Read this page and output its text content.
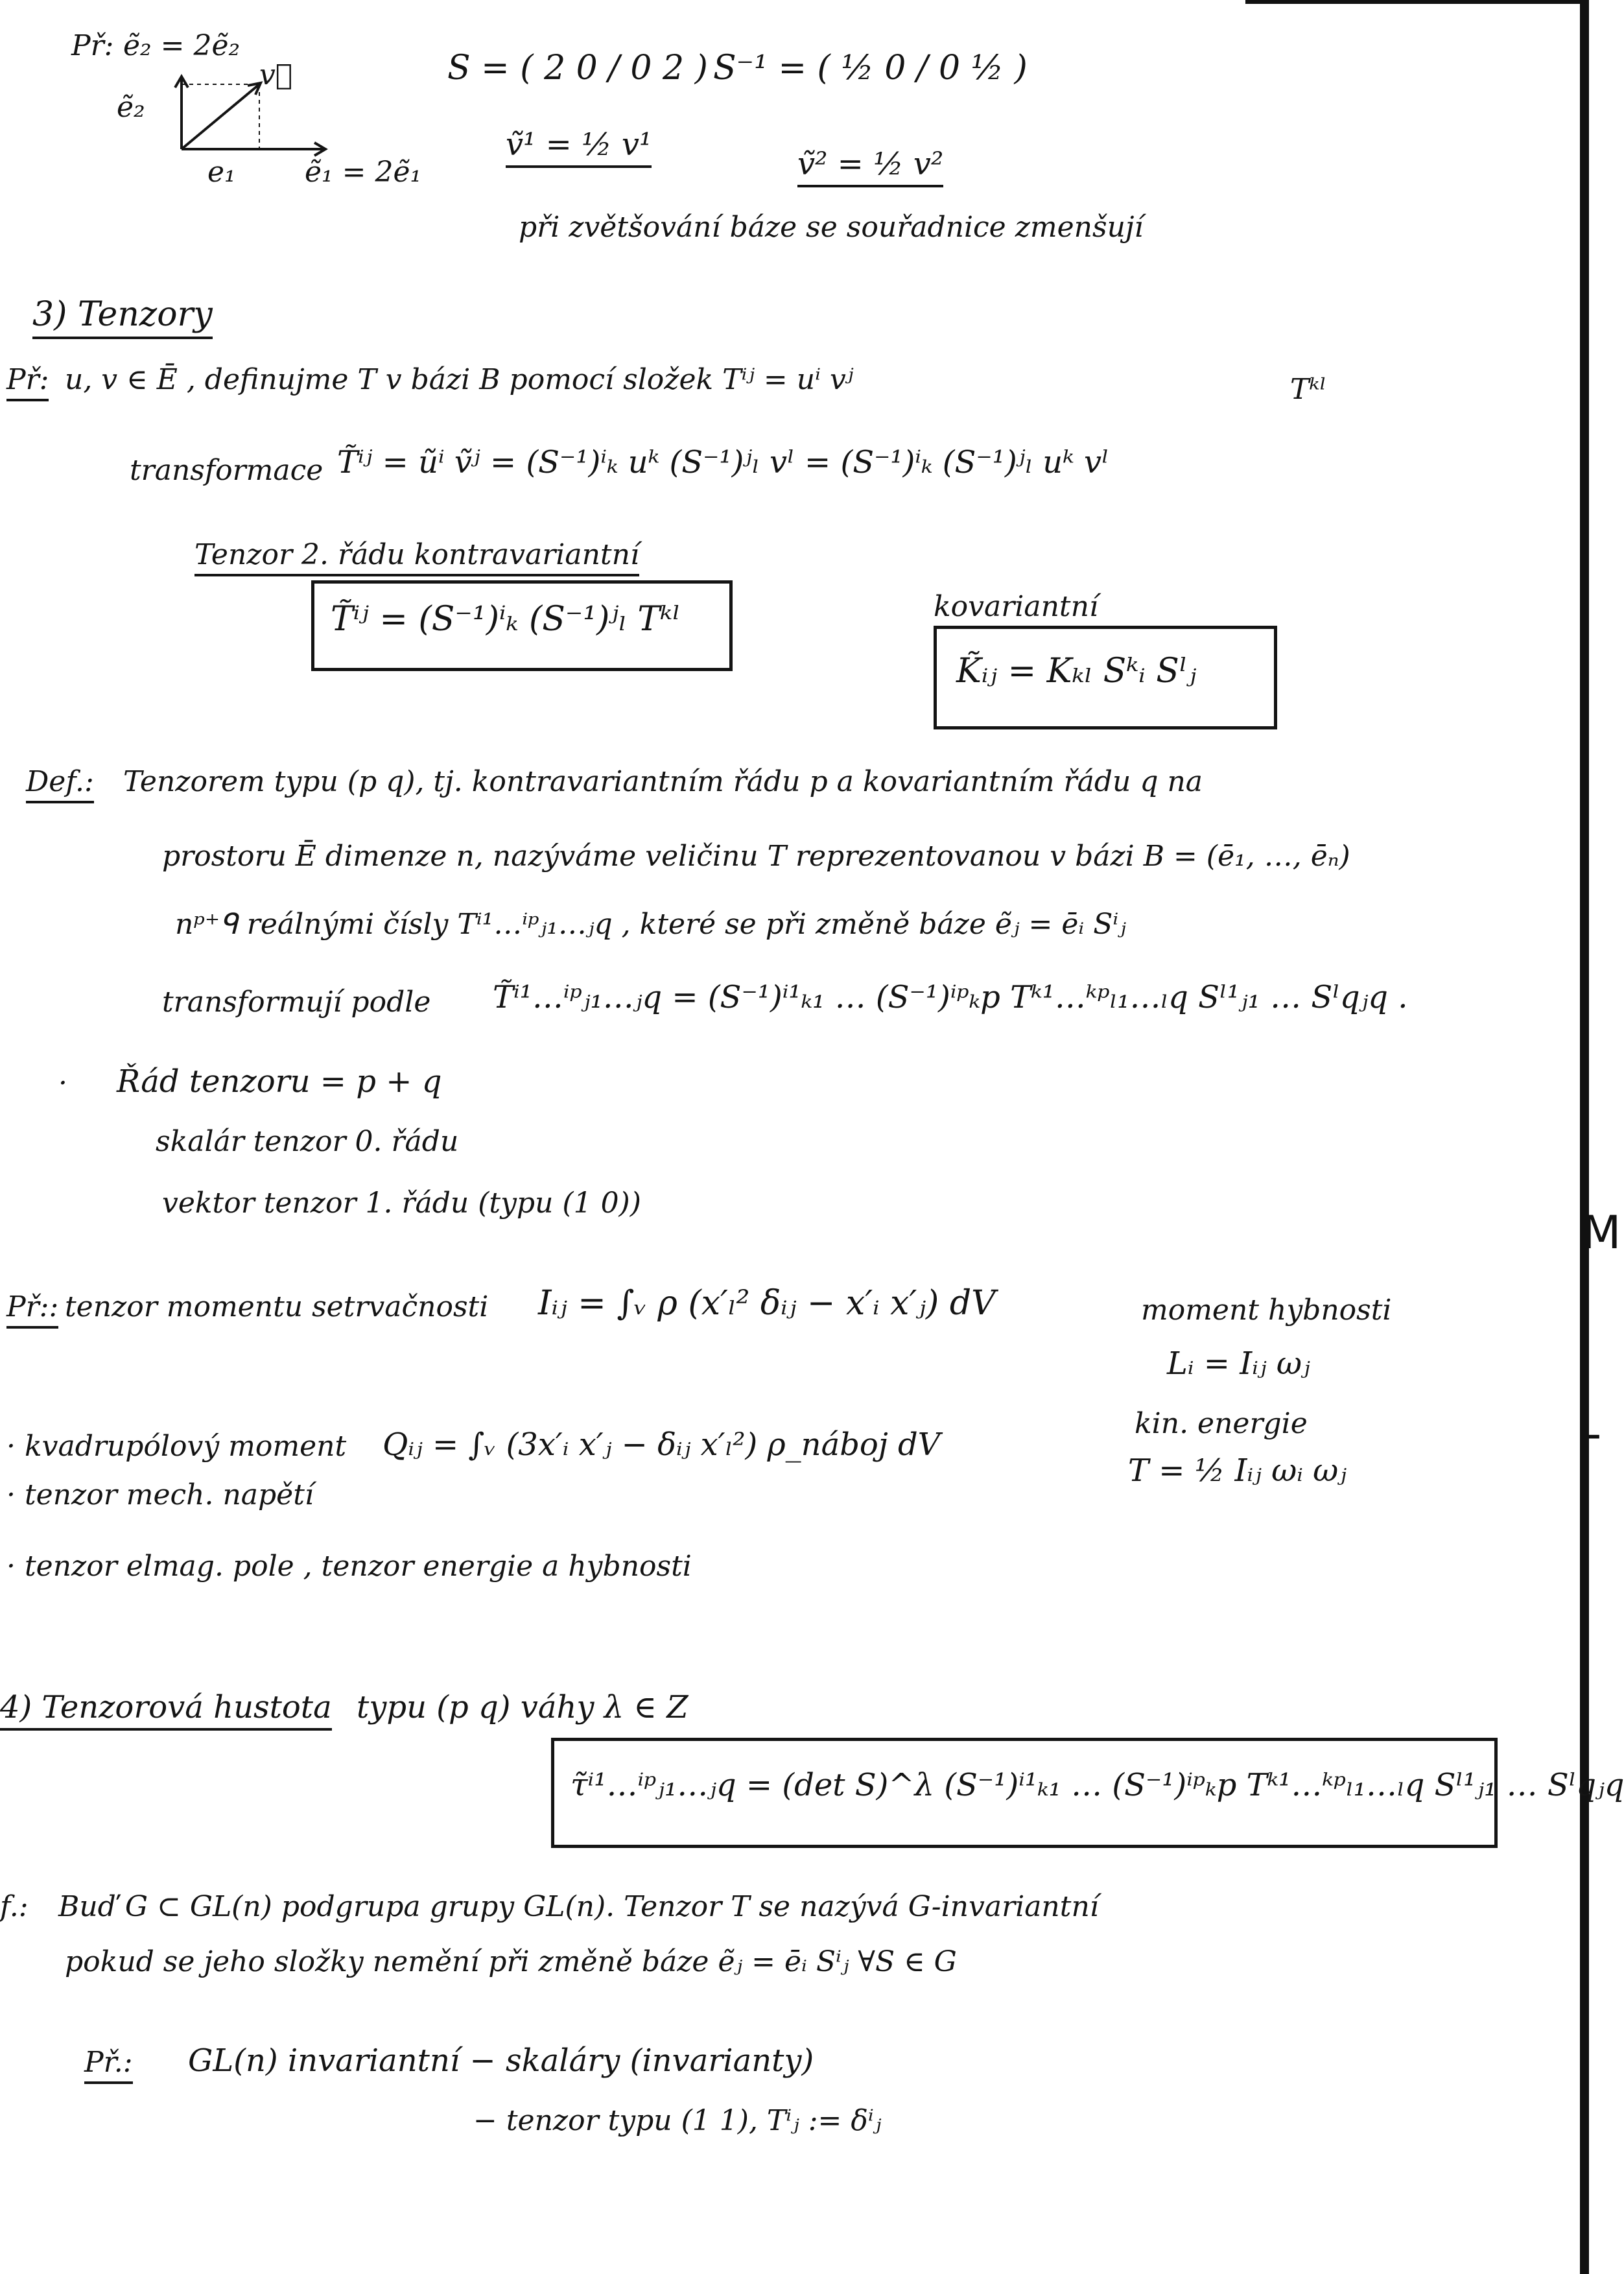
M
-
Př: ẽ₂ = 2ẽ₂
v⃗
ẽ₂
e₁ ẽ₁ = 2ẽ₁
S = ( 2 0 / 0 2 ) S⁻¹ = ( ½ 0 / 0 ½ )
ṽ¹ = ½ v¹
ṽ² = ½ v²
při zvětšování báze se souřadnice zmenšují
3) Tenzory
Př: u, v ∈ Ē , definujme T v bázi B pomocí složek Tⁱʲ = uⁱ vʲ	Tᵏˡ
transformace T̃ⁱʲ = ũⁱ ṽʲ = (S⁻¹)ⁱₖ uᵏ (S⁻¹)ʲₗ vˡ = (S⁻¹)ⁱₖ (S⁻¹)ʲₗ uᵏ vˡ
Tenzor 2. řádu kontravariantní
T̃ⁱʲ = (S⁻¹)ⁱₖ (S⁻¹)ʲₗ Tᵏˡ	kovariantní
K̃ᵢⱼ = Kₖₗ Sᵏᵢ Sˡⱼ
Def.: Tenzorem typu (p q), tj. kontravariantním řádu p a kovariantním řádu q na
prostoru Ē dimenze n, nazýváme veličinu T reprezentovanou v bázi B = (ē₁, …, ēₙ)
nᵖ⁺ᑫ reálnými čísly Tⁱ¹…ⁱᵖⱼ₁…ⱼq , které se při změně báze ẽⱼ = ēᵢ Sⁱⱼ
transformují podle T̃ⁱ¹…ⁱᵖⱼ₁…ⱼq = (S⁻¹)ⁱ¹ₖ₁ … (S⁻¹)ⁱᵖₖp Tᵏ¹…ᵏᵖₗ₁…ₗq Sˡ¹ⱼ₁ … Sˡqⱼq .
· Řád tenzoru = p + q
skalár tenzor 0. řádu
vektor tenzor 1. řádu (typu (1 0))
Př:: tenzor momentu setrvačnosti Iᵢⱼ = ∫ᵥ ρ (x′ₗ² δᵢⱼ − x′ᵢ x′ⱼ) dV	moment hybnosti
Lᵢ = Iᵢⱼ ωⱼ
kin. energie
T = ½ Iᵢⱼ ωᵢ ωⱼ
· kvadrupólový moment Qᵢⱼ = ∫ᵥ (3x′ᵢ x′ⱼ − δᵢⱼ x′ₗ²) ρ_náboj dV
· tenzor mech. napětí
· tenzor elmag. pole , tenzor energie a hybnosti
4) Tenzorová hustota typu (p q) váhy λ ∈ Z
τ̃ⁱ¹…ⁱᵖⱼ₁…ⱼq = (det S)^λ (S⁻¹)ⁱ¹ₖ₁ … (S⁻¹)ⁱᵖₖp Tᵏ¹…ᵏᵖₗ₁…ₗq Sˡ¹ⱼ₁ … Sˡqⱼq
f.: Buď G ⊂ GL(n) podgrupa grupy GL(n). Tenzor T se nazývá G-invariantní
pokud se jeho složky nemění při změně báze ẽⱼ = ēᵢ Sⁱⱼ ∀S ∈ G
Př.: GL(n) invariantní − skaláry (invarianty)
− tenzor typu (1 1), Tⁱⱼ := δⁱⱼ
